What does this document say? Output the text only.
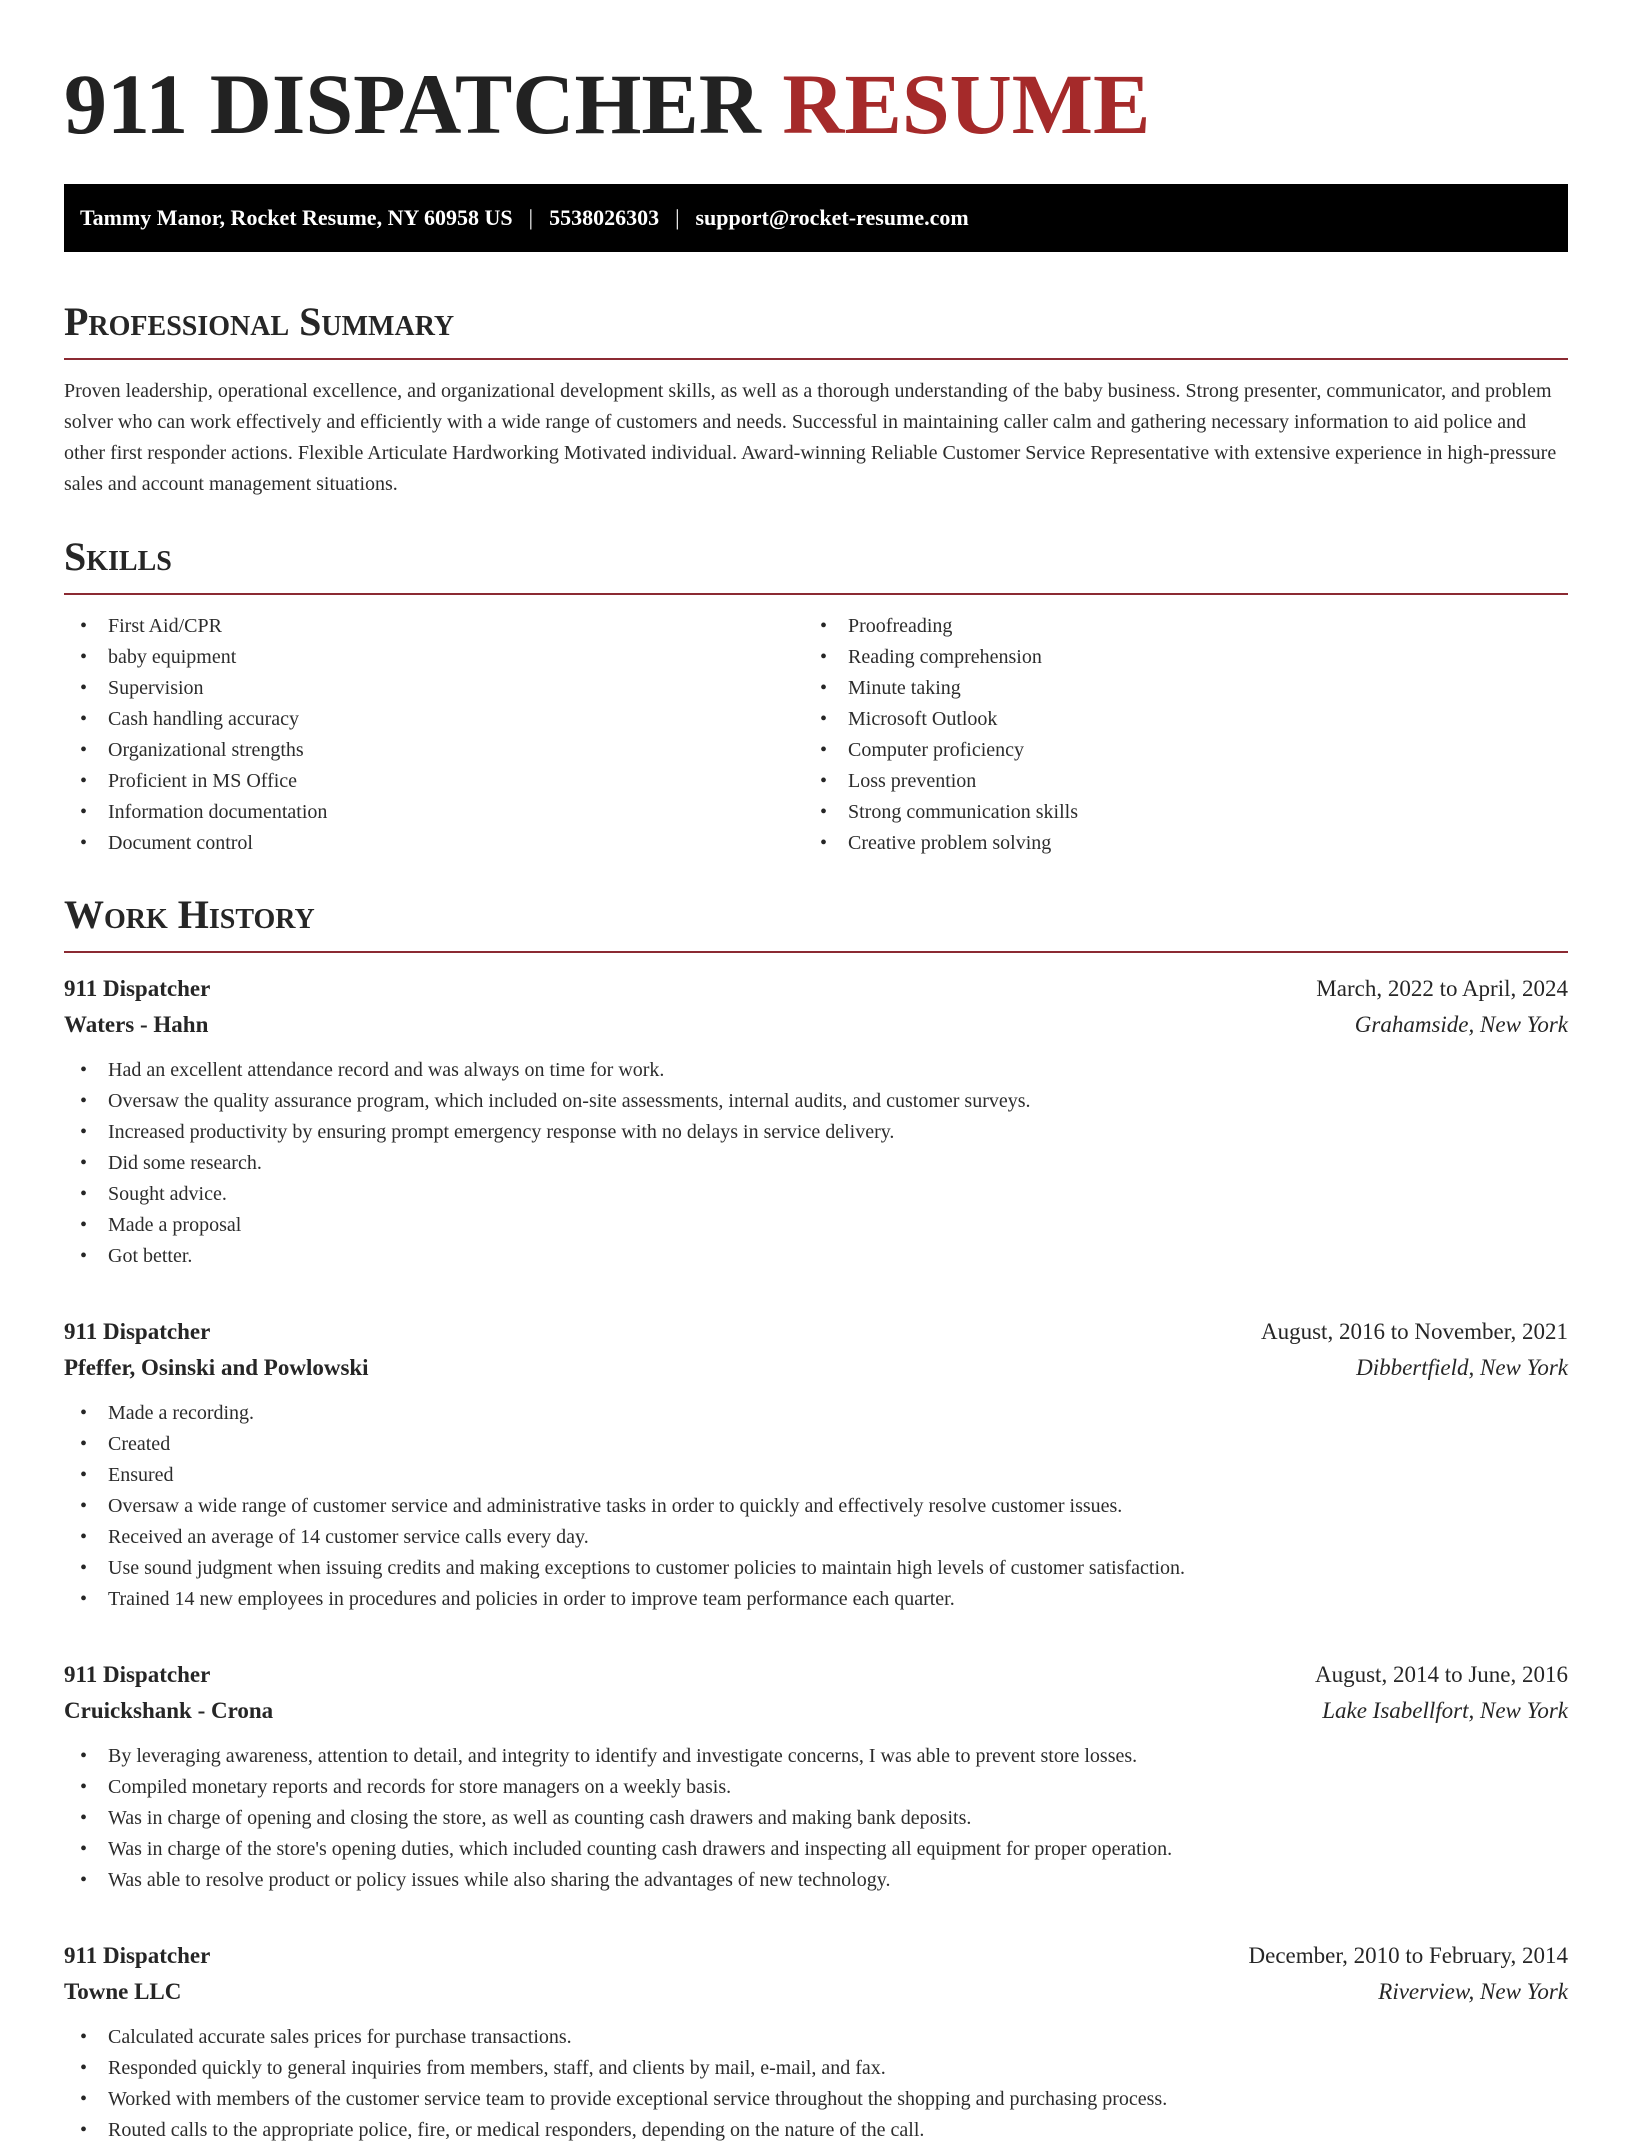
911 DISPATCHER RESUME
Tammy Manor, Rocket Resume, NY 60958 US | 5538026303 | support@rocket-resume.com
Professional Summary

Proven leadership, operational excellence, and organizational development skills, as well as a thorough understanding of the baby business. Strong presenter, communicator, and problem solver who can work effectively and efficiently with a wide range of customers and needs. Successful in maintaining caller calm and gathering necessary information to aid police and other first responder actions. Flexible Articulate Hardworking Motivated individual. Award-winning Reliable Customer Service Representative with extensive experience in high-pressure sales and account management situations.

Skills
• First Aid/CPR
• baby equipment
• Supervision
• Cash handling accuracy
• Organizational strengths
• Proficient in MS Office
• Information documentation
• Document control
• Proofreading
• Reading comprehension
• Minute taking
• Microsoft Outlook
• Computer proficiency
• Loss prevention
• Strong communication skills
• Creative problem solving
Work History
911 Dispatcher	March, 2022 to April, 2024
Waters - Hahn	Grahamside, New York
• Had an excellent attendance record and was always on time for work.
• Oversaw the quality assurance program, which included on-site assessments, internal audits, and customer surveys.
• Increased productivity by ensuring prompt emergency response with no delays in service delivery.
• Did some research.
• Sought advice.
• Made a proposal
• Got better.
911 Dispatcher	August, 2016 to November, 2021
Pfeffer, Osinski and Powlowski	Dibbertfield, New York
• Made a recording.
• Created
• Ensured
• Oversaw a wide range of customer service and administrative tasks in order to quickly and effectively resolve customer issues.
• Received an average of 14 customer service calls every day.
• Use sound judgment when issuing credits and making exceptions to customer policies to maintain high levels of customer satisfaction.
• Trained 14 new employees in procedures and policies in order to improve team performance each quarter.
911 Dispatcher	August, 2014 to June, 2016
Cruickshank - Crona	Lake Isabellfort, New York
• By leveraging awareness, attention to detail, and integrity to identify and investigate concerns, I was able to prevent store losses.
• Compiled monetary reports and records for store managers on a weekly basis.
• Was in charge of opening and closing the store, as well as counting cash drawers and making bank deposits.
• Was in charge of the store's opening duties, which included counting cash drawers and inspecting all equipment for proper operation.
• Was able to resolve product or policy issues while also sharing the advantages of new technology.
911 Dispatcher	December, 2010 to February, 2014
Towne LLC	Riverview, New York
• Calculated accurate sales prices for purchase transactions.
• Responded quickly to general inquiries from members, staff, and clients by mail, e-mail, and fax.
• Worked with members of the customer service team to provide exceptional service throughout the shopping and purchasing process.
• Routed calls to the appropriate police, fire, or medical responders, depending on the nature of the call.
